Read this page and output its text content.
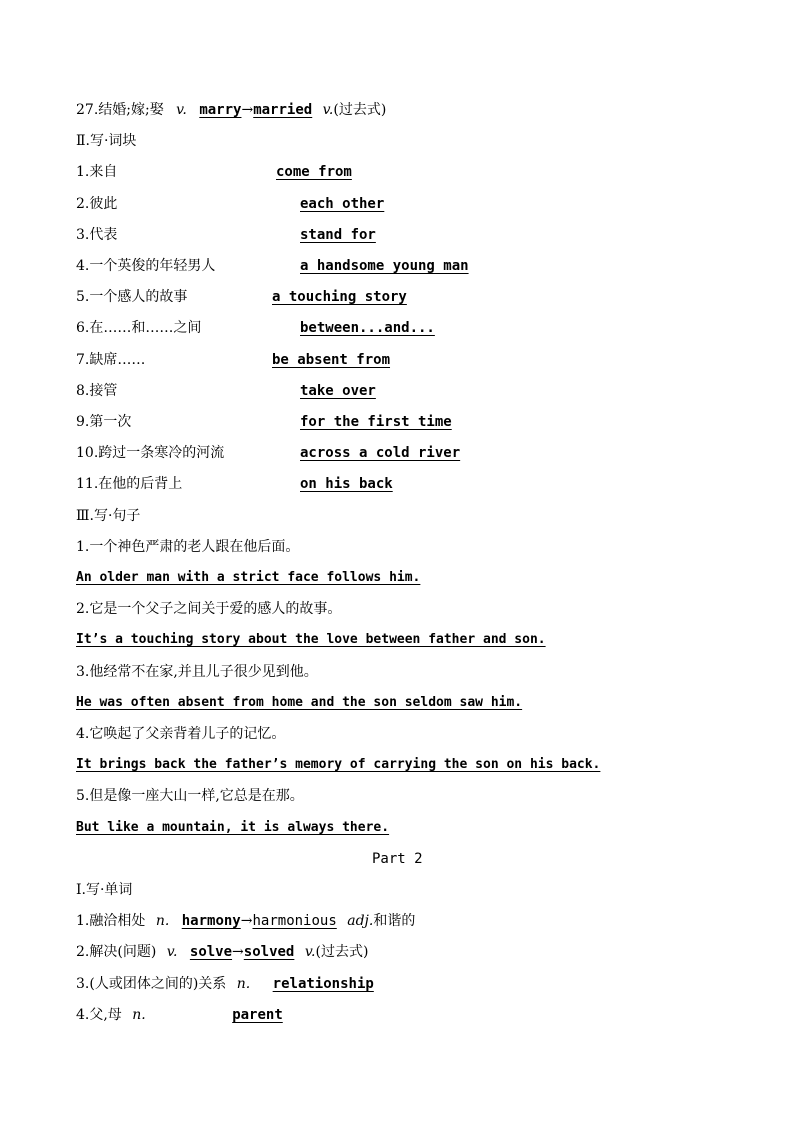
27.结婚;嫁;娶 v. marry→married v.(过去式)
Ⅱ.写·词块
1.来自	come from
2.彼此	each other
3.代表	stand for
4.一个英俊的年轻男人	a handsome young man
5.一个感人的故事	a touching story
6.在……和……之间	between...and...
7.缺席……	be absent from
8.接管	take over
9.第一次	for the first time
10.跨过一条寒冷的河流	across a cold river
11.在他的后背上	on his back
Ⅲ.写·句子
1.一个神色严肃的老人跟在他后面。
An older man with a strict face follows him.
2.它是一个父子之间关于爱的感人的故事。
It’s a touching story about the love between father and son.
3.他经常不在家,并且儿子很少见到他。
He was often absent from home and the son seldom saw him.
4.它唤起了父亲背着儿子的记忆。
It brings back the father’s memory of carrying the son on his back.
5.但是像一座大山一样,它总是在那。
But like a mountain, it is always there.
Part 2
Ⅰ.写·单词
1.融洽相处 n. harmony→harmonious adj.和谐的
2.解决(问题) v. solve→solved v.(过去式)
3.(人或团体之间的)关系 n. relationship
4.父,母 n.	parent
